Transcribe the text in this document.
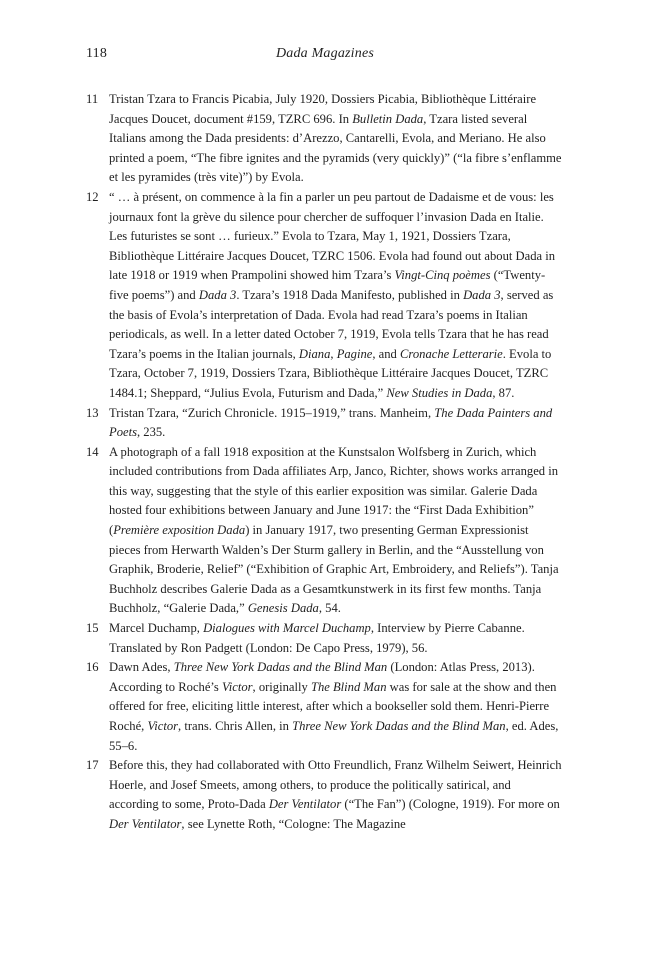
118	Dada Magazines
11 Tristan Tzara to Francis Picabia, July 1920, Dossiers Picabia, Bibliothèque Littéraire Jacques Doucet, document #159, TZRC 696. In Bulletin Dada, Tzara listed several Italians among the Dada presidents: d’Arezzo, Cantarelli, Evola, and Meriano. He also printed a poem, “The fibre ignites and the pyramids (very quickly)” (“la fibre s’enflamme et les pyramides (très vite)”) by Evola.

12 “ … à présent, on commence à la fin a parler un peu partout de Dadaisme et de vous: les journaux font la grève du silence pour chercher de suffoquer l’invasion Dada en Italie. Les futuristes se sont … furieux.” Evola to Tzara, May 1, 1921, Dossiers Tzara, Bibliothèque Littéraire Jacques Doucet, TZRC 1506. Evola had found out about Dada in late 1918 or 1919 when Prampolini showed him Tzara’s Vingt-Cinq poèmes (“Twenty-five poems”) and Dada 3. Tzara’s 1918 Dada Manifesto, published in Dada 3, served as the basis of Evola’s interpretation of Dada. Evola had read Tzara’s poems in Italian periodicals, as well. In a letter dated October 7, 1919, Evola tells Tzara that he has read Tzara’s poems in the Italian journals, Diana, Pagine, and Cronache Letterarie. Evola to Tzara, October 7, 1919, Dossiers Tzara, Bibliothèque Littéraire Jacques Doucet, TZRC 1484.1; Sheppard, “Julius Evola, Futurism and Dada,” New Studies in Dada, 87.

13 Tristan Tzara, “Zurich Chronicle. 1915–1919,” trans. Manheim, The Dada Painters and Poets, 235.

14 A photograph of a fall 1918 exposition at the Kunstsalon Wolfsberg in Zurich, which included contributions from Dada affiliates Arp, Janco, Richter, shows works arranged in this way, suggesting that the style of this earlier exposition was similar. Galerie Dada hosted four exhibitions between January and June 1917: the “First Dada Exhibition” (Première exposition Dada) in January 1917, two presenting German Expressionist pieces from Herwarth Walden’s Der Sturm gallery in Berlin, and the “Ausstellung von Graphik, Broderie, Relief” (“Exhibition of Graphic Art, Embroidery, and Reliefs”). Tanja Buchholz describes Galerie Dada as a Gesamtkunstwerk in its first few months. Tanja Buchholz, “Galerie Dada,” Genesis Dada, 54.

15 Marcel Duchamp, Dialogues with Marcel Duchamp, Interview by Pierre Cabanne. Translated by Ron Padgett (London: De Capo Press, 1979), 56.

16 Dawn Ades, Three New York Dadas and the Blind Man (London: Atlas Press, 2013). According to Roché’s Victor, originally The Blind Man was for sale at the show and then offered for free, eliciting little interest, after which a bookseller sold them. Henri-Pierre Roché, Victor, trans. Chris Allen, in Three New York Dadas and the Blind Man, ed. Ades, 55–6.

17 Before this, they had collaborated with Otto Freundlich, Franz Wilhelm Seiwert, Heinrich Hoerle, and Josef Smeets, among others, to produce the politically satirical, and according to some, Proto-Dada Der Ventilator (“The Fan”) (Cologne, 1919). For more on Der Ventilator, see Lynette Roth, “Cologne: The Magazine
